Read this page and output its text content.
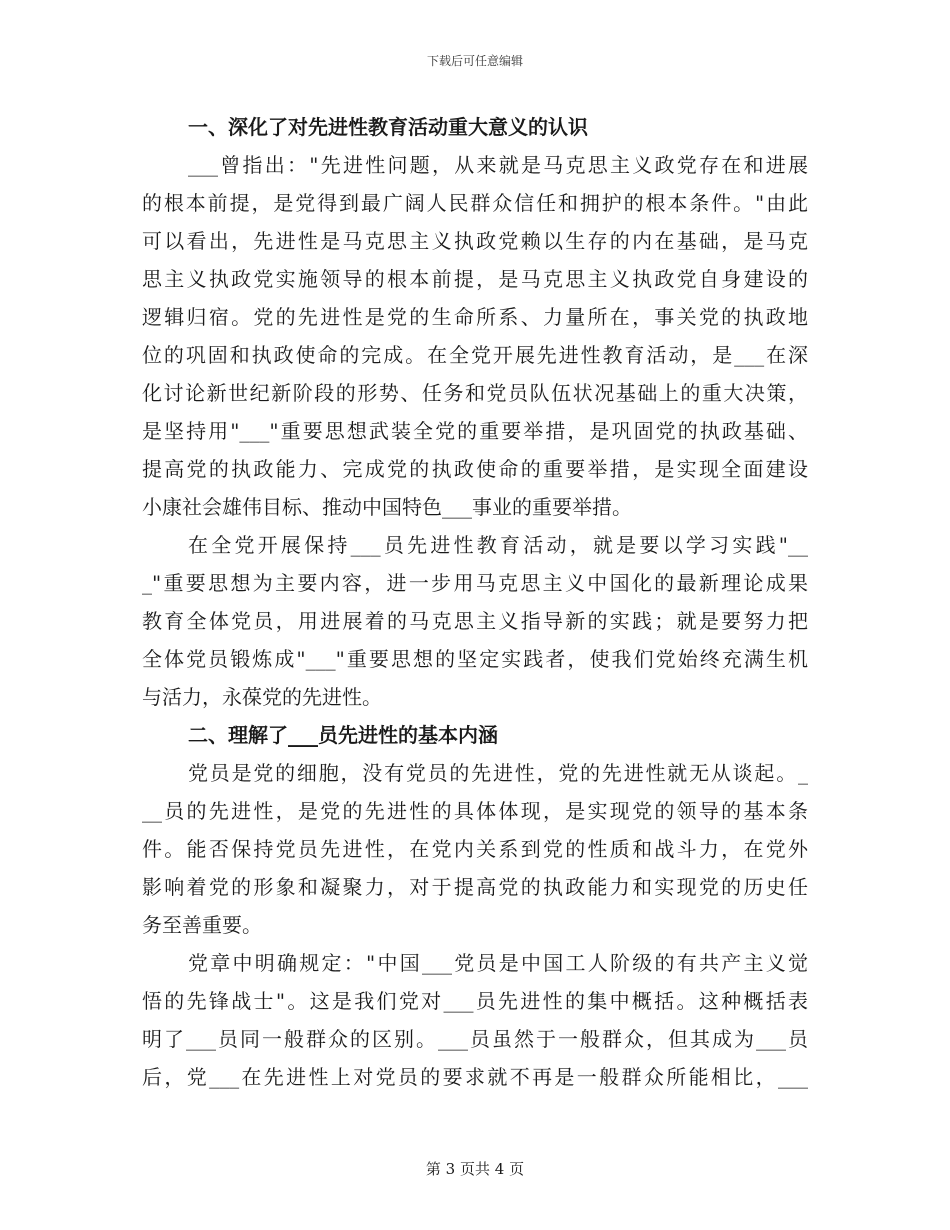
下载后可任意编辑
一、深化了对先进性教育活动重大意义的认识

___曾指出："先进性问题，从来就是马克思主义政党存在和进展
的根本前提，是党得到最广阔人民群众信任和拥护的根本条件。"由此
可以看出，先进性是马克思主义执政党赖以生存的内在基础，是马克
思主义执政党实施领导的根本前提，是马克思主义执政党自身建设的
逻辑归宿。党的先进性是党的生命所系、力量所在，事关党的执政地
位的巩固和执政使命的完成。在全党开展先进性教育活动，是___在深
化讨论新世纪新阶段的形势、任务和党员队伍状况基础上的重大决策，
是坚持用"___"重要思想武装全党的重要举措，是巩固党的执政基础、
提高党的执政能力、完成党的执政使命的重要举措，是实现全面建设
小康社会雄伟目标、推动中国特色___事业的重要举措。

在全党开展保持___员先进性教育活动，就是要以学习实践"__
_"重要思想为主要内容，进一步用马克思主义中国化的最新理论成果
教育全体党员，用进展着的马克思主义指导新的实践；就是要努力把
全体党员锻炼成"___"重要思想的坚定实践者，使我们党始终充满生机
与活力，永葆党的先进性。

二、理解了___员先进性的基本内涵

党员是党的细胞，没有党员的先进性，党的先进性就无从谈起。_
__员的先进性，是党的先进性的具体体现，是实现党的领导的基本条
件。能否保持党员先进性，在党内关系到党的性质和战斗力，在党外
影响着党的形象和凝聚力，对于提高党的执政能力和实现党的历史任
务至善重要。

党章中明确规定："中国___党员是中国工人阶级的有共产主义觉
悟的先锋战士"。这是我们党对___员先进性的集中概括。这种概括表
明了___员同一般群众的区别。___员虽然于一般群众，但其成为___员
后，党___在先进性上对党员的要求就不再是一般群众所能相比，___

第 3 页共 4 页
